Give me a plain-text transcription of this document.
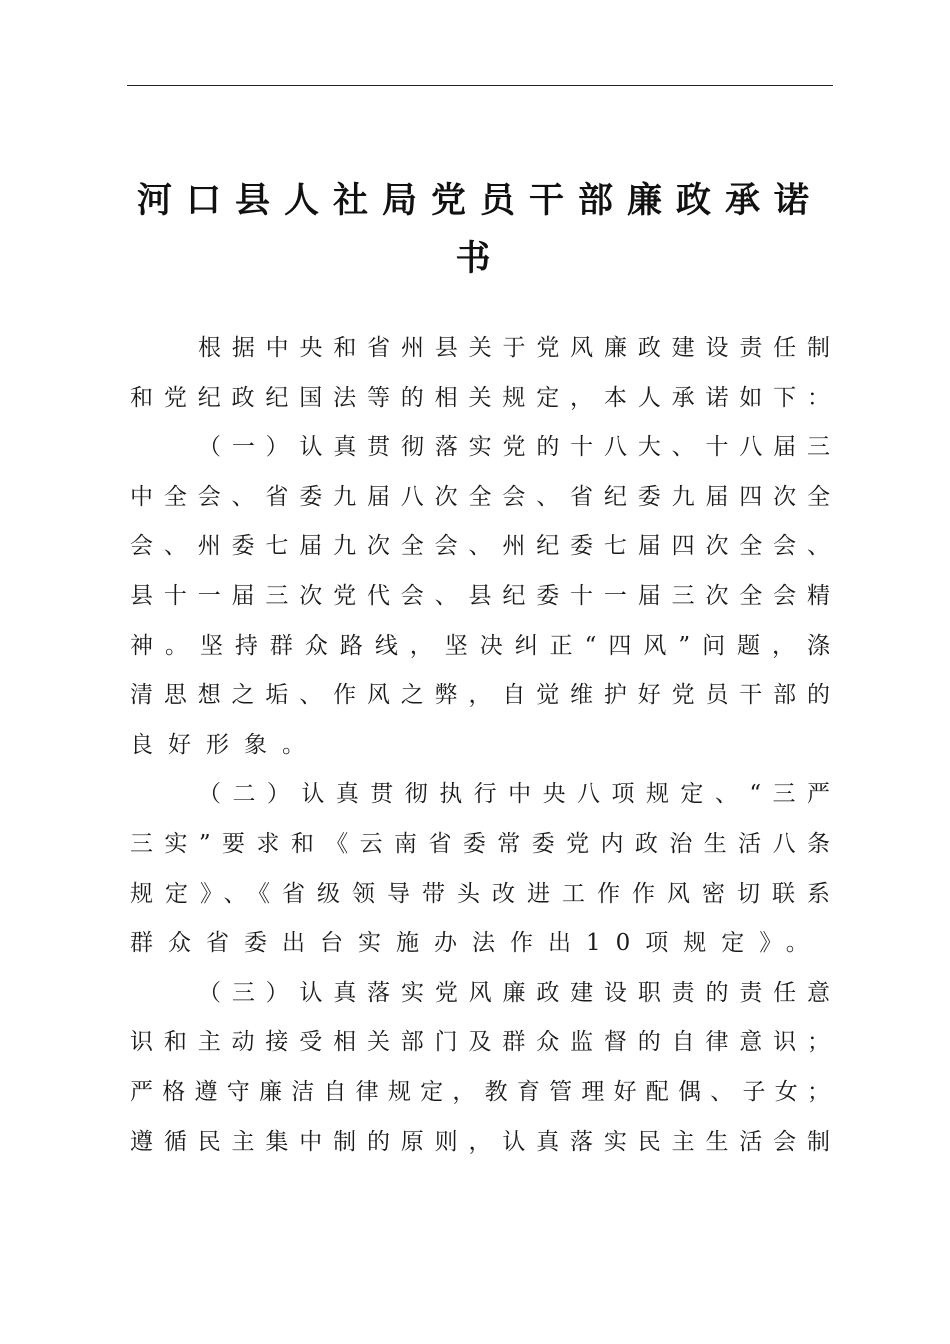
河口县人社局党员干部廉政承诺
书
根据中央和省州县关于党风廉政建设责任制
和党纪政纪国法等的相关规定，本人承诺如下：
（一）认真贯彻落实党的十八大、十八届三
中全会、省委九届八次全会、省纪委九届四次全
会、州委七届九次全会、州纪委七届四次全会、
县十一届三次党代会、县纪委十一届三次全会精
神。坚持群众路线，坚决纠正“四风”问题，涤
清思想之垢、作风之弊，自觉维护好党员干部的
良好形象。
（二）认真贯彻执行中央八项规定、“三严
三实”要求和《云南省委常委党内政治生活八条
规定》、《省级领导带头改进工作作风密切联系
群众省委出台实施办法作出10项规定》。
（三）认真落实党风廉政建设职责的责任意
识和主动接受相关部门及群众监督的自律意识；
严格遵守廉洁自律规定，教育管理好配偶、子女；
遵循民主集中制的原则，认真落实民主生活会制
